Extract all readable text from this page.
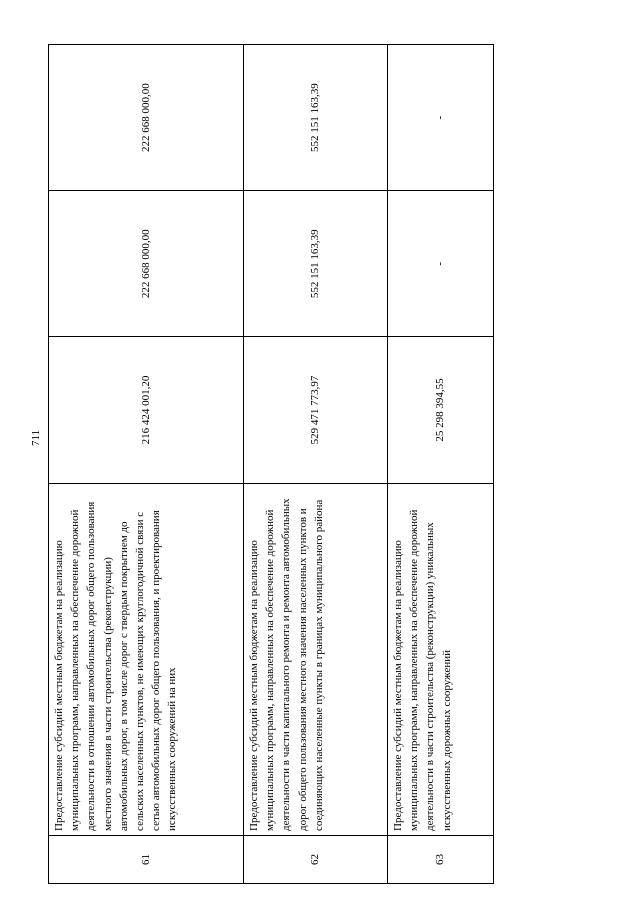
711
61	Предоставление субсидий местным бюджетам на реализацию муниципальных программ, направленных на обеспечение дорожной деятельности в отношении автомобильных дорог общего пользования местного значения в части строительства (реконструкции) автомобильных дорог, в том числе дорог с твердым покрытием до сельских населенных пунктов, не имеющих круглогодичной связи с сетью автомобильных дорог общего пользования, и проектирования искусственных сооружений на них	216 424 001,20	222 668 000,00	222 668 000,00
62	Предоставление субсидий местным бюджетам на реализацию муниципальных программ, направленных на обеспечение дорожной деятельности в части капитального ремонта и ремонта автомобильных дорог общего пользования местного значения населенных пунктов и соединяющих населенные пункты в границах муниципального района	529 471 773,97	552 151 163,39	552 151 163,39
63	Предоставление субсидий местным бюджетам на реализацию муниципальных программ, направленных на обеспечение дорожной деятельности в части строительства (реконструкции) уникальных искусственных дорожных сооружений	25 298 394,55	-	-
